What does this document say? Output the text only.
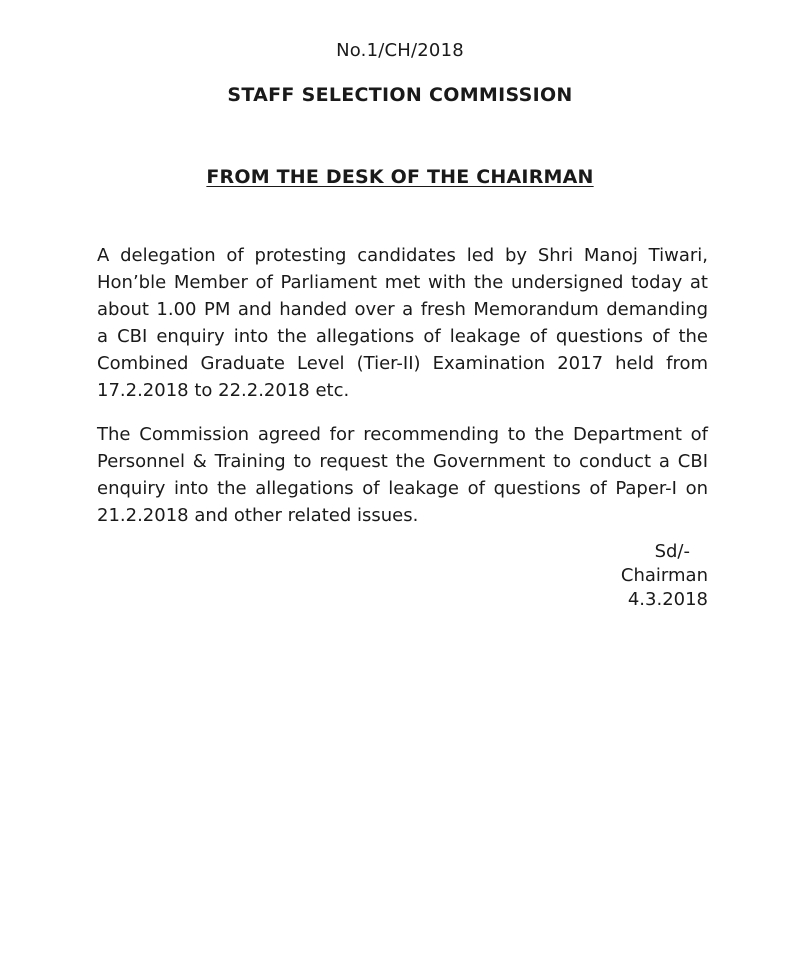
No.1/CH/2018
STAFF SELECTION COMMISSION
FROM THE DESK OF THE CHAIRMAN

A delegation of protesting candidates led by Shri Manoj Tiwari, Hon’ble Member of Parliament met with the undersigned today at about 1.00 PM and handed over a fresh Memorandum demanding a CBI enquiry into the allegations of leakage of questions of the Combined Graduate Level (Tier-II) Examination 2017 held from 17.2.2018 to 22.2.2018 etc.

The Commission agreed for recommending to the Department of Personnel & Training to request the Government to conduct a CBI enquiry into the allegations of leakage of questions of Paper-I on 21.2.2018 and other related issues.

Sd/-
Chairman
4.3.2018
